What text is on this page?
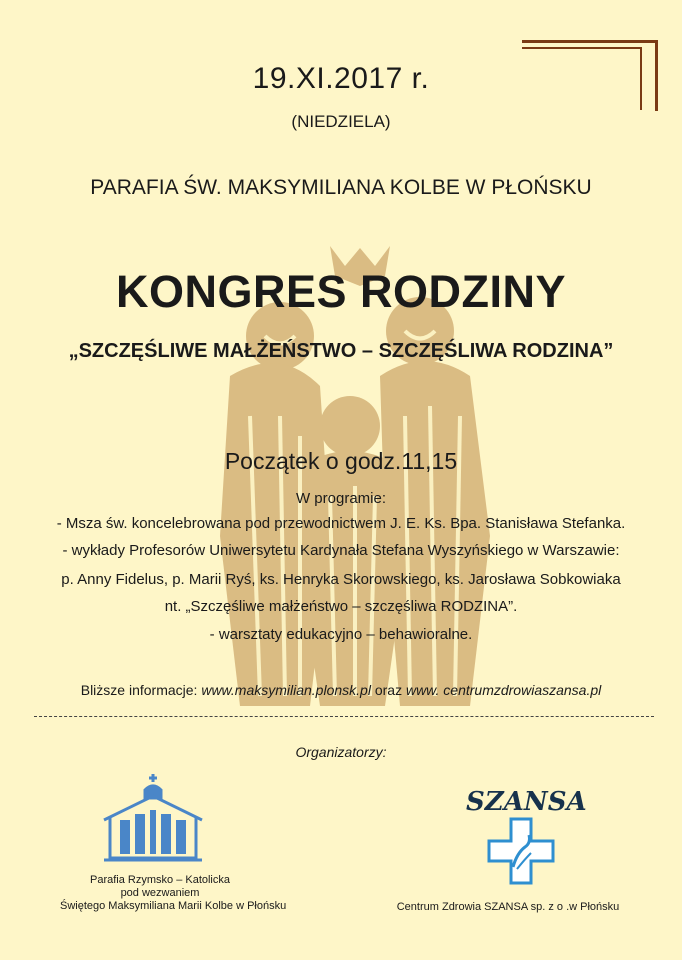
19.XI.2017 r.
(NIEDZIELA)
PARAFIA ŚW. MAKSYMILIANA KOLBE W PŁOŃSKU
KONGRES RODZINY
„SZCZĘŚLIWE MAŁŻEŃSTWO – SZCZĘŚLIWA RODZINA”
Początek o godz.11,15
W programie:
- Msza św. koncelebrowana pod przewodnictwem J. E. Ks. Bpa. Stanisława Stefanka.
- wykłady Profesorów Uniwersytetu Kardynała Stefana Wyszyńskiego w Warszawie:
p. Anny Fidelus, p. Marii Ryś, ks. Henryka Skorowskiego, ks. Jarosława Sobkowiaka
nt. „Szczęśliwe małżeństwo – szczęśliwa RODZINA”.
- warsztaty edukacyjno – behawioralne.
Bliższe informacje: www.maksymilian.plonsk.pl oraz www. centrumzdrowiaszansa.pl
Organizatorzy:
Parafia Rzymsko – Katolicka
pod wezwaniem
Świętego Maksymiliana Marii Kolbe w Płońsku
SZANSA
Centrum Zdrowia SZANSA sp. z o .w Płońsku
